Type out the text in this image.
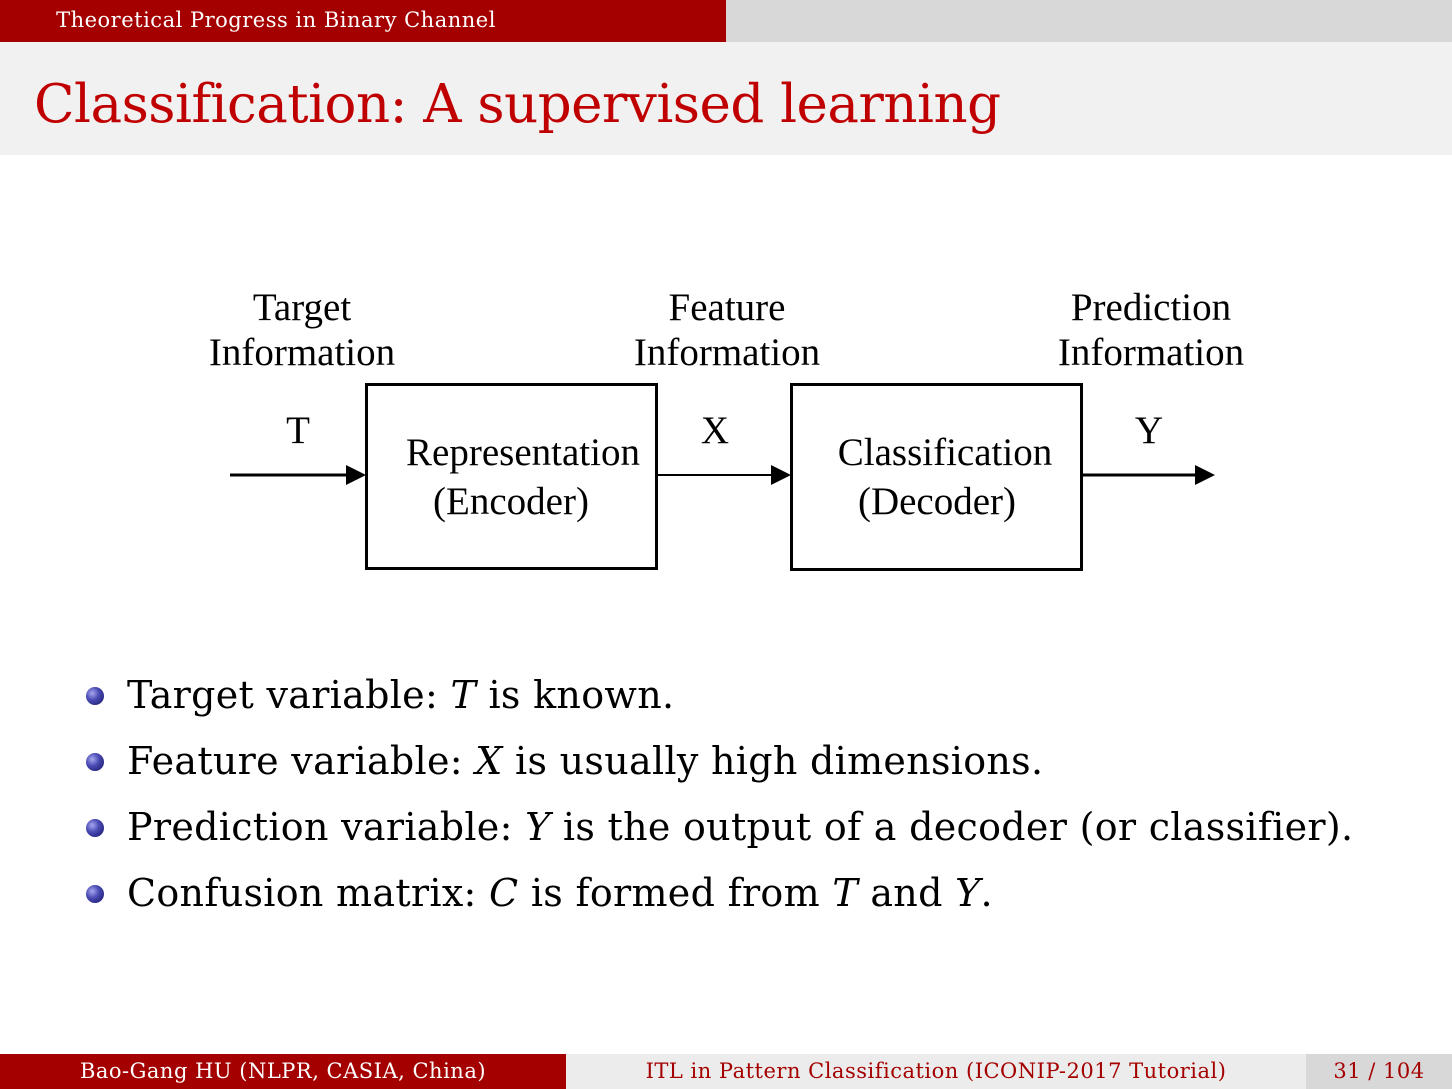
Theoretical Progress in Binary Channel
Classification: A supervised learning
Target
Information
Feature
Information
Prediction
Information
T	X	Y
Representation
(Encoder)
Classification
(Decoder)
Target variable: T is known.
Feature variable: X is usually high dimensions.
Prediction variable: Y is the output of a decoder (or classifier).
Confusion matrix: C is formed from T and Y.
Bao-Gang HU (NLPR, CASIA, China)	ITL in Pattern Classification (ICONIP-2017 Tutorial)	31 / 104
